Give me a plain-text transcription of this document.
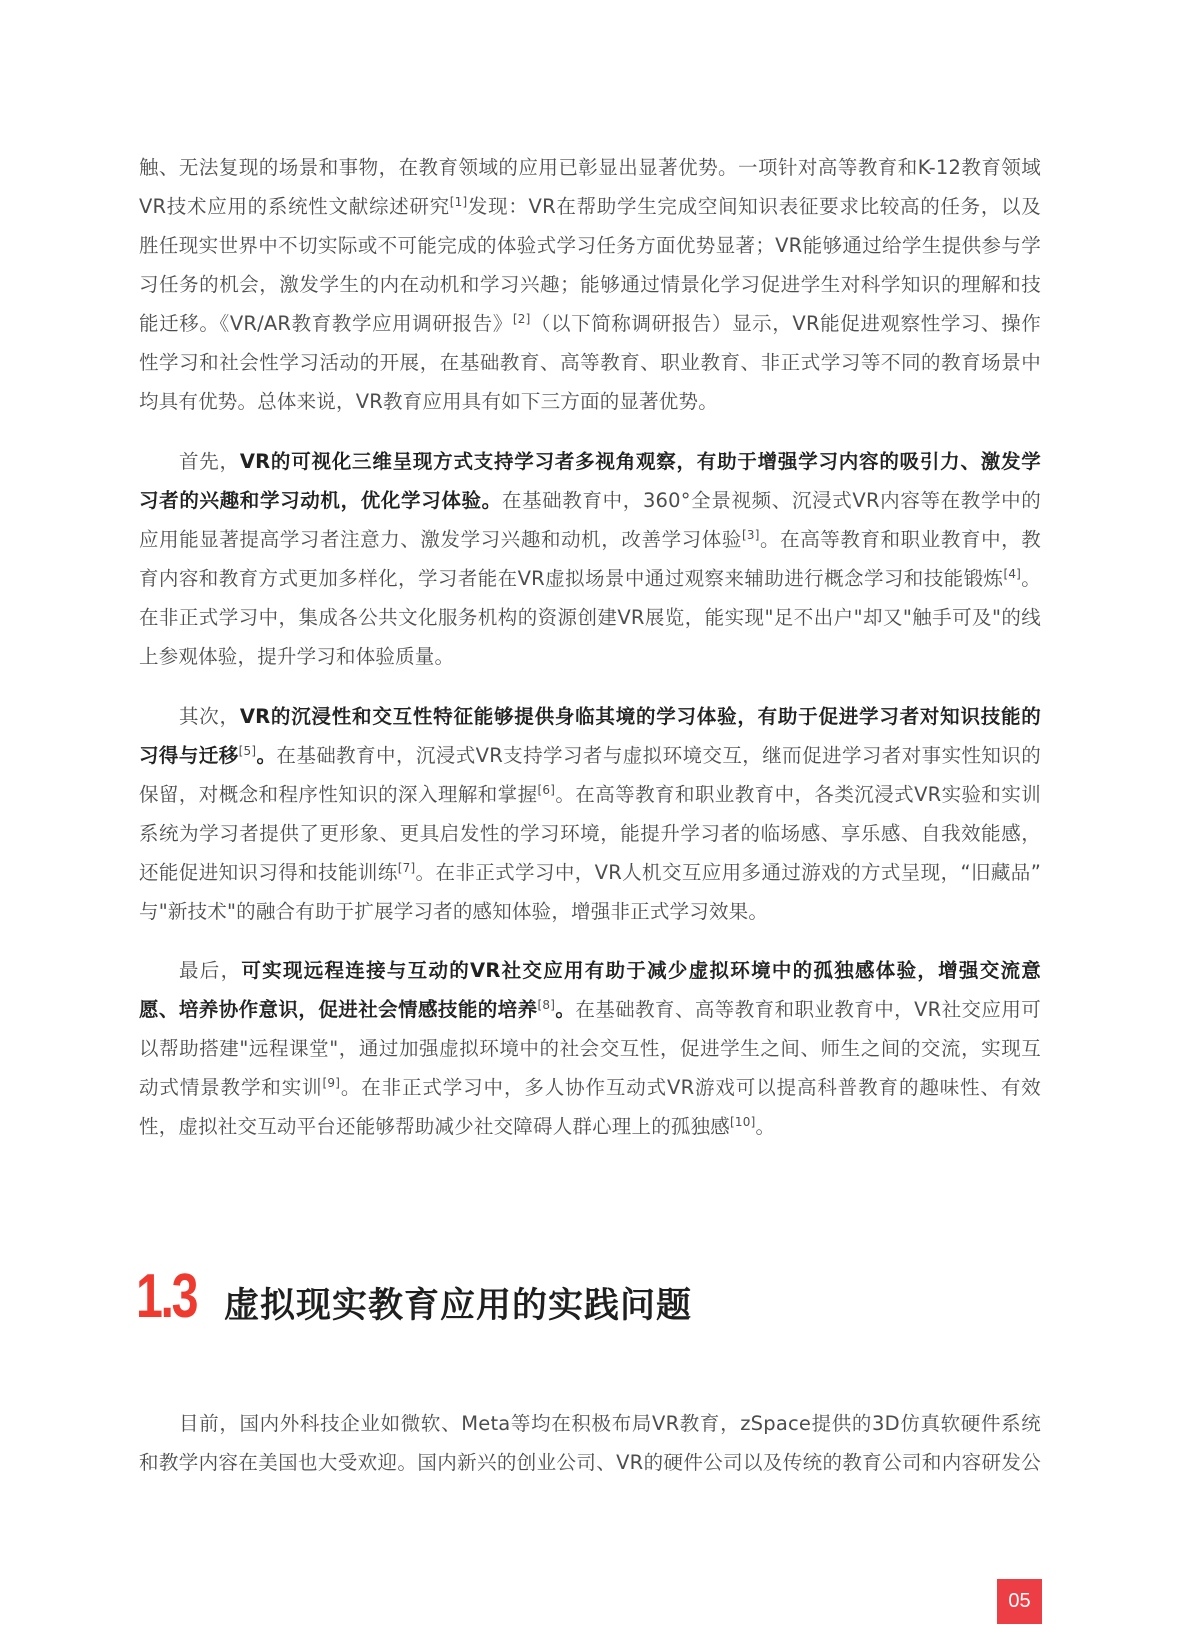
触、无法复现的场景和事物，在教育领域的应用已彰显出显著优势。一项针对高等教育和K-12教育领域
VR技术应用的系统性文献综述研究[1]发现：VR在帮助学生完成空间知识表征要求比较高的任务，以及
胜任现实世界中不切实际或不可能完成的体验式学习任务方面优势显著；VR能够通过给学生提供参与学
习任务的机会，激发学生的内在动机和学习兴趣；能够通过情景化学习促进学生对科学知识的理解和技
能迁移。《VR/AR教育教学应用调研报告》[2]（以下简称调研报告）显示，VR能促进观察性学习、操作
性学习和社会性学习活动的开展，在基础教育、高等教育、职业教育、非正式学习等不同的教育场景中
均具有优势。总体来说，VR教育应用具有如下三方面的显著优势。
首先，VR的可视化三维呈现方式支持学习者多视角观察，有助于增强学习内容的吸引力、激发学
习者的兴趣和学习动机，优化学习体验。在基础教育中，360°全景视频、沉浸式VR内容等在教学中的
应用能显著提高学习者注意力、激发学习兴趣和动机，改善学习体验[3]。在高等教育和职业教育中，教
育内容和教育方式更加多样化，学习者能在VR虚拟场景中通过观察来辅助进行概念学习和技能锻炼[4]。
在非正式学习中，集成各公共文化服务机构的资源创建VR展览，能实现"足不出户"却又"触手可及"的线
上参观体验，提升学习和体验质量。
其次，VR的沉浸性和交互性特征能够提供身临其境的学习体验，有助于促进学习者对知识技能的
习得与迁移[5]。在基础教育中，沉浸式VR支持学习者与虚拟环境交互，继而促进学习者对事实性知识的
保留，对概念和程序性知识的深入理解和掌握[6]。在高等教育和职业教育中，各类沉浸式VR实验和实训
系统为学习者提供了更形象、更具启发性的学习环境，能提升学习者的临场感、享乐感、自我效能感，
还能促进知识习得和技能训练[7]。在非正式学习中，VR人机交互应用多通过游戏的方式呈现，“旧藏品”
与"新技术"的融合有助于扩展学习者的感知体验，增强非正式学习效果。
最后，可实现远程连接与互动的VR社交应用有助于减少虚拟环境中的孤独感体验，增强交流意
愿、培养协作意识，促进社会情感技能的培养[8]。在基础教育、高等教育和职业教育中，VR社交应用可
以帮助搭建"远程课堂"，通过加强虚拟环境中的社会交互性，促进学生之间、师生之间的交流，实现互
动式情景教学和实训[9]。在非正式学习中，多人协作互动式VR游戏可以提高科普教育的趣味性、有效
性，虚拟社交互动平台还能够帮助减少社交障碍人群心理上的孤独感[10]。
目前，国内外科技企业如微软、Meta等均在积极布局VR教育，zSpace提供的3D仿真软硬件系统
和教学内容在美国也大受欢迎。国内新兴的创业公司、VR的硬件公司以及传统的教育公司和内容研发公
1.3 虚拟现实教育应用的实践问题
05
